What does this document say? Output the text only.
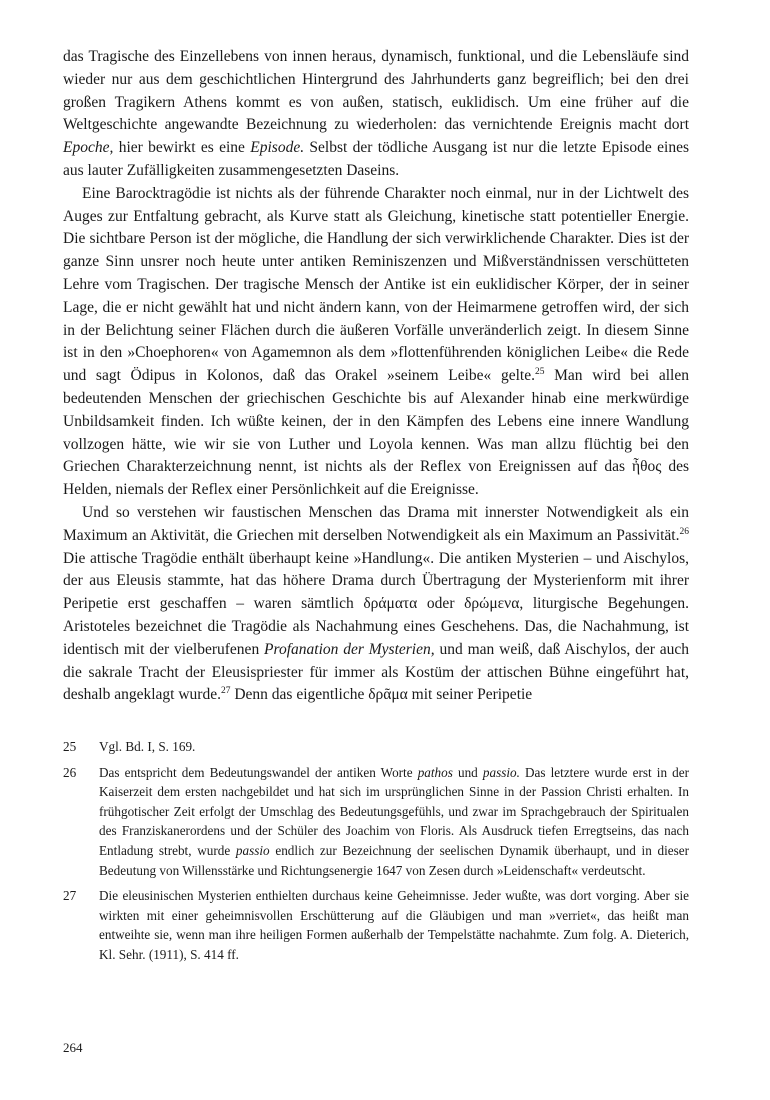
das Tragische des Einzellebens von innen heraus, dynamisch, funktional, und die Lebensläufe sind wieder nur aus dem geschichtlichen Hintergrund des Jahrhunderts ganz begreiflich; bei den drei großen Tragikern Athens kommt es von außen, statisch, euklidisch. Um eine früher auf die Weltgeschichte angewandte Bezeichnung zu wiederholen: das vernichtende Ereignis macht dort Epoche, hier bewirkt es eine Episode. Selbst der tödliche Ausgang ist nur die letzte Episode eines aus lauter Zufälligkeiten zusammengesetzten Daseins.

Eine Barocktragödie ist nichts als der führende Charakter noch einmal, nur in der Lichtwelt des Auges zur Entfaltung gebracht, als Kurve statt als Gleichung, kinetische statt potentieller Energie. Die sichtbare Person ist der mögliche, die Handlung der sich verwirklichende Charakter. Dies ist der ganze Sinn unsrer noch heute unter antiken Reminiszenzen und Mißverständnissen verschütteten Lehre vom Tragischen. Der tragische Mensch der Antike ist ein euklidischer Körper, der in seiner Lage, die er nicht gewählt hat und nicht ändern kann, von der Heimarmene getroffen wird, der sich in der Belichtung seiner Flächen durch die äußeren Vorfälle unveränderlich zeigt. In diesem Sinne ist in den »Choephoren« von Agamemnon als dem »flottenführenden königlichen Leibe« die Rede und sagt Ödipus in Kolonos, daß das Orakel »seinem Leibe« gelte.$^{25}$ Man wird bei allen bedeutenden Menschen der griechischen Geschichte bis auf Alexander hinab eine merkwürdige Unbildsamkeit finden. Ich wüßte keinen, der in den Kämpfen des Lebens eine innere Wandlung vollzogen hätte, wie wir sie von Luther und Loyola kennen. Was man allzu flüchtig bei den Griechen Charakterzeichnung nennt, ist nichts als der Reflex von Ereignissen auf das ἦθος des Helden, niemals der Reflex einer Persönlichkeit auf die Ereignisse.

Und so verstehen wir faustischen Menschen das Drama mit innerster Notwendigkeit als ein Maximum an Aktivität, die Griechen mit derselben Notwendigkeit als ein Maximum an Passivität.$^{26}$ Die attische Tragödie enthält überhaupt keine »Handlung«. Die antiken Mysterien – und Aischylos, der aus Eleusis stammte, hat das höhere Drama durch Übertragung der Mysterienform mit ihrer Peripetie erst geschaffen – waren sämtlich δράματα oder δρώμενα, liturgische Begehungen. Aristoteles bezeichnet die Tragödie als Nachahmung eines Geschehens. Das, die Nachahmung, ist identisch mit der vielberufenen Profanation der Mysterien, und man weiß, daß Aischylos, der auch die sakrale Tracht der Eleusispriester für immer als Kostüm der attischen Bühne eingeführt hat, deshalb angeklagt wurde.$^{27}$ Denn das eigentliche δρᾶμα mit seiner Peripetie

25	Vgl. Bd. I, S. 169.
26	Das entspricht dem Bedeutungswandel der antiken Worte pathos und passio. Das letztere wurde erst in der Kaiserzeit dem ersten nachgebildet und hat sich im ursprünglichen Sinne in der Passion Christi erhalten. In frühgotischer Zeit erfolgt der Umschlag des Bedeutungsgefühls, und zwar im Sprachgebrauch der Spiritualen des Franziskanerordens und der Schüler des Joachim von Floris. Als Ausdruck tiefen Erregtseins, das nach Entladung strebt, wurde passio endlich zur Bezeichnung der seelischen Dynamik überhaupt, und in dieser Bedeutung von Willensstärke und Richtungsenergie 1647 von Zesen durch »Leidenschaft« verdeutscht.
27	Die eleusinischen Mysterien enthielten durchaus keine Geheimnisse. Jeder wußte, was dort vorging. Aber sie wirkten mit einer geheimnisvollen Erschütterung auf die Gläubigen und man »verriet«, das heißt man entweihte sie, wenn man ihre heiligen Formen außerhalb der Tempelstätte nachahmte. Zum folg. A. Dieterich, Kl. Sehr. (1911), S. 414 ff.
264
